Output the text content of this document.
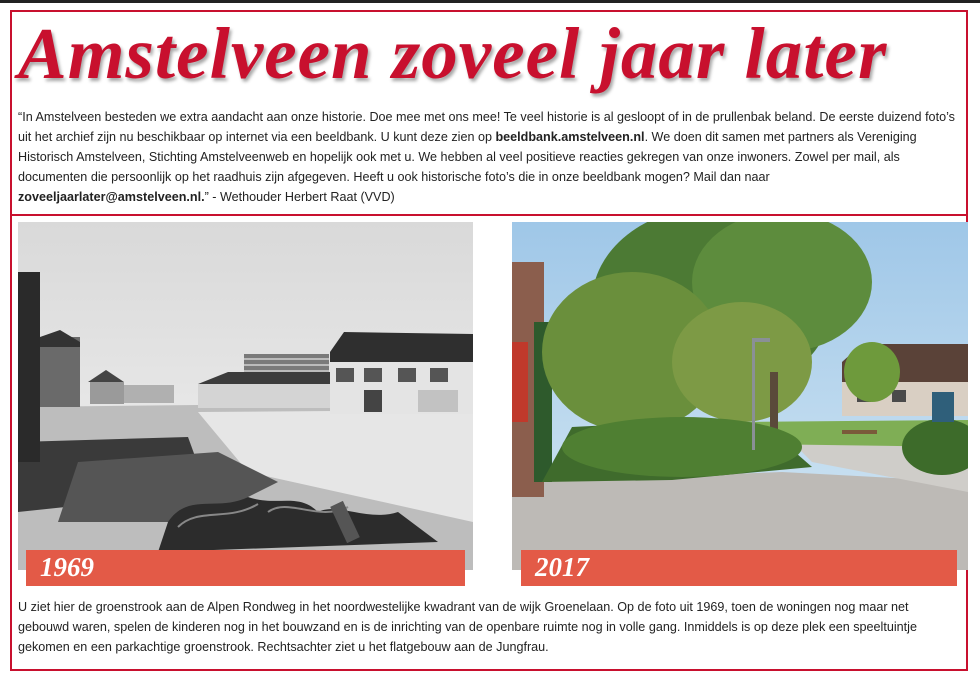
Amstelveen zoveel jaar later
“In Amstelveen besteden we extra aandacht aan onze historie. Doe mee met ons mee! Te veel historie is al gesloopt of in de prullenbak beland. De eerste duizend foto’s uit het archief zijn nu beschikbaar op internet via een beeldbank. U kunt deze zien op beeldbank.amstelveen.nl. We doen dit samen met partners als Vereniging Historisch Amstelveen, Stichting Amstelveenweb en hopelijk ook met u. We hebben al veel positieve reacties gekregen van onze inwoners. Zowel per mail, als documenten die persoonlijk op het raadhuis zijn afgegeven. Heeft u ook historische foto’s die in onze beeldbank mogen? Mail dan naar zoveeljaarlater@amstelveen.nl.” - Wethouder Herbert Raat (VVD)
1969	2017
U ziet hier de groenstrook aan de Alpen Rondweg in het noordwestelijke kwadrant van de wijk Groenelaan. Op de foto uit 1969, toen de woningen nog maar net gebouwd waren, spelen de kinderen nog in het bouwzand en is de inrichting van de openbare ruimte nog in volle gang. Inmiddels is op deze plek een speeltuintje gekomen en een parkachtige groenstrook. Rechtsachter ziet u het flatgebouw aan de Jungfrau.
